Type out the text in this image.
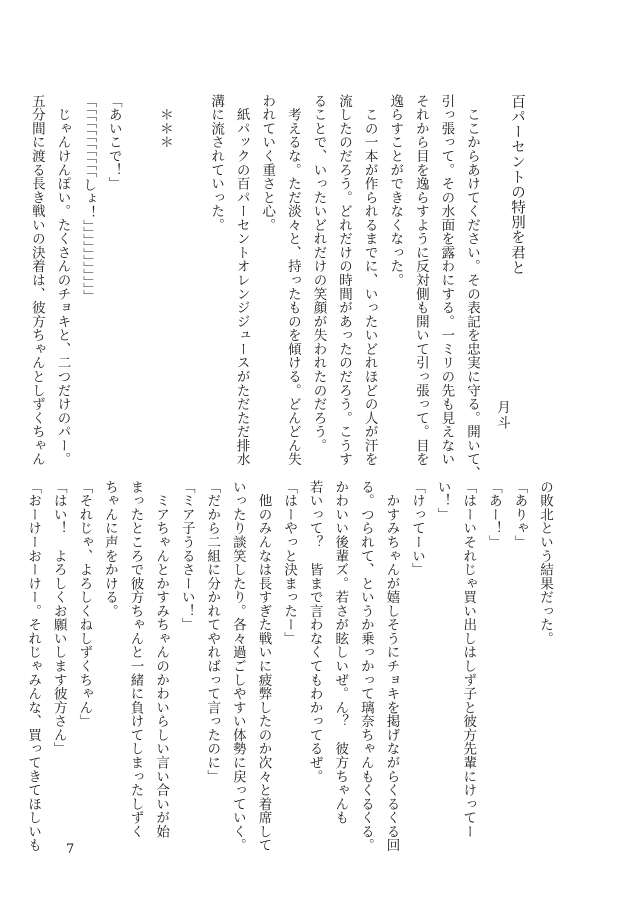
百パーセントの特別を君と
月斗
　ここからあけてください。その表記を忠実に守る。開いて、
引っ張って。その水面を露わにする。一ミリの先も見えない
それから目を逸らすように反対側も開いて引っ張って。目を
逸らすことができなくなった。
　この一本が作られるまでに、いったいどれほどの人が汗を
流したのだろう。どれだけの時間があったのだろう。こうす
ることで、いったいどれだけの笑顔が失われたのだろう。
　考えるな。ただ淡々と、持ったものを傾ける。どんどん失
われていく重さと心。
　紙パックの百パーセントオレンジジュースがただただ排水
溝に流されていった。

　＊＊＊

「あいこで！」
「「「「「「「「「「「しょ！」」」」」」」」」」」
　じゃんけんぽい。たくさんのチョキと、二つだけのパー。
五分間に渡る長き戦いの決着は、彼方ちゃんとしずくちゃん
の敗北という結果だった。
「ありゃ」
「あー！」
「はーいそれじゃ買い出しはしず子と彼方先輩にけってー
い！」
「けってーい」
　かすみちゃんが嬉しそうにチョキを掲げながらくるくる回
る。つられて、というか乗っかって璃奈ちゃんもくるくる。
かわいい後輩ズ。若さが眩しいぜ。ん？　彼方ちゃんも
若いって？　皆まで言わなくてもわかってるぜ。
「はーやっと決まったー」
　他のみんなは長すぎた戦いに疲弊したのか次々と着席して
いったり談笑したり。各々過ごしやすい体勢に戻っていく。
「だから二組に分かれてやればって言ったのに」
「ミア子うるさーい！」
　ミアちゃんとかすみちゃんのかわいらしい言い合いが始
まったところで彼方ちゃんと一緒に負けてしまったしずく
ちゃんに声をかける。
「それじゃ、よろしくねしずくちゃん」
「はい！　よろしくお願いします彼方さん」
「おーけーおーけー。それじゃみんな、買ってきてほしいも	7
